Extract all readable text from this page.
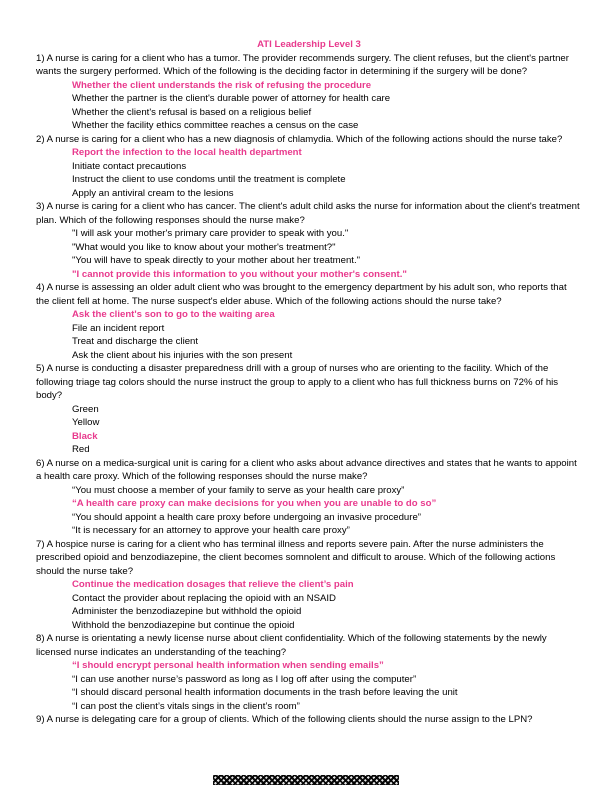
ATI Leadership Level 3
1) A nurse is caring for a client who has a tumor. The provider recommends surgery. The client refuses, but the client's partner wants the surgery performed. Which of the following is the deciding factor in determining if the surgery will be done?
Whether the client understands the risk of refusing the procedure
Whether the partner is the client's durable power of attorney for health care
Whether the client's refusal is based on a religious belief
Whether the facility ethics committee reaches a census on the case
2) A nurse is caring for a client who has a new diagnosis of chlamydia. Which of the following actions should the nurse take?
Report the infection to the local health department
Initiate contact precautions
Instruct the client to use condoms until the treatment is complete
Apply an antiviral cream to the lesions
3) A nurse is caring for a client who has cancer. The client's adult child asks the nurse for information about the client's treatment plan. Which of the following responses should the nurse make?
"I will ask your mother's primary care provider to speak with you."
"What would you like to know about your mother's treatment?"
"You will have to speak directly to your mother about her treatment."
"I cannot provide this information to you without your mother's consent."
4) A nurse is assessing an older adult client who was brought to the emergency department by his adult son, who reports that the client fell at home. The nurse suspect's elder abuse. Which of the following actions should the nurse take?
Ask the client's son to go to the waiting area
File an incident report
Treat and discharge the client
Ask the client about his injuries with the son present
5) A nurse is conducting a disaster preparedness drill with a group of nurses who are orienting to the facility. Which of the following triage tag colors should the nurse instruct the group to apply to a client who has full thickness burns on 72% of his body?
Green
Yellow
Black
Red
6) A nurse on a medica-surgical unit is caring for a client who asks about advance directives and states that he wants to appoint a health care proxy. Which of the following responses should the nurse make?
“You must choose a member of your family to serve as your health care proxy”
“A health care proxy can make decisions for you when you are unable to do so”
“You should appoint a health care proxy before undergoing an invasive procedure”
“It is necessary for an attorney to approve your health care proxy”
7) A hospice nurse is caring for a client who has terminal illness and reports severe pain. After the nurse administers the prescribed opioid and benzodiazepine, the client becomes somnolent and difficult to arouse. Which of the following actions should the nurse take?
Continue the medication dosages that relieve the client’s pain
Contact the provider about replacing the opioid with an NSAID
Administer the benzodiazepine but withhold the opioid
Withhold the benzodiazepine but continue the opioid
8) A nurse is orientating a newly license nurse about client confidentiality. Which of the following statements by the newly licensed nurse indicates an understanding of the teaching?
“I should encrypt personal health information when sending emails”
“I can use another nurse’s password as long as I log off after using the computer”
“I should discard personal health information documents in the trash before leaving the unit
“I can post the client’s vitals sings in the client’s room”
9) A nurse is delegating care for a group of clients. Which of the following clients should the nurse assign to the LPN?
